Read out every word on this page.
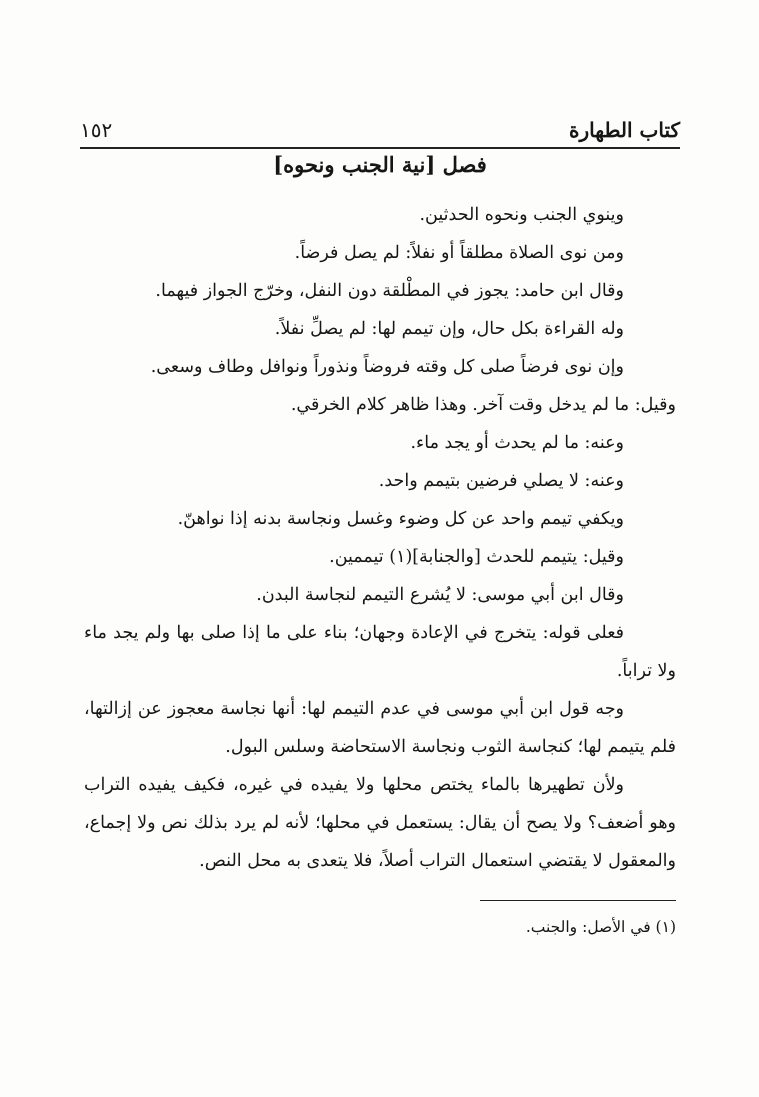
كتاب الطهارة
١٥٢
فصل [نية الجنب ونحوه]

وينوي الجنب ونحوه الحدثين.

ومن نوى الصلاة مطلقاً أو نفلاً: لم يصل فرضاً.

وقال ابن حامد: يجوز في المطْلقة دون النفل، وخرّج الجواز فيهما.

وله القراءة بكل حال، وإن تيمم لها: لم يصلِّ نفلاً.

وإن نوى فرضاً صلى كل وقته فروضاً ونذوراً ونوافل وطاف وسعى.

وقيل: ما لم يدخل وقت آخر. وهذا ظاهر كلام الخرقي.

وعنه: ما لم يحدث أو يجد ماء.

وعنه: لا يصلي فرضين بتيمم واحد.

ويكفي تيمم واحد عن كل وضوء وغسل ونجاسة بدنه إذا نواهنّ.

وقيل: يتيمم للحدث [والجنابة](١) تيممين.

وقال ابن أبي موسى: لا يُشرع التيمم لنجاسة البدن.

فعلى قوله: يتخرج في الإعادة وجهان؛ بناء على ما إذا صلى بها ولم يجد ماء ولا تراباً.

وجه قول ابن أبي موسى في عدم التيمم لها: أنها نجاسة معجوز عن إزالتها، فلم يتيمم لها؛ كنجاسة الثوب ونجاسة الاستحاضة وسلس البول.

ولأن تطهيرها بالماء يختص محلها ولا يفيده في غيره، فكيف يفيده التراب وهو أضعف؟ ولا يصح أن يقال: يستعمل في محلها؛ لأنه لم يرد بذلك نص ولا إجماع، والمعقول لا يقتضي استعمال التراب أصلاً، فلا يتعدى به محل النص.

(١) في الأصل: والجنب.
